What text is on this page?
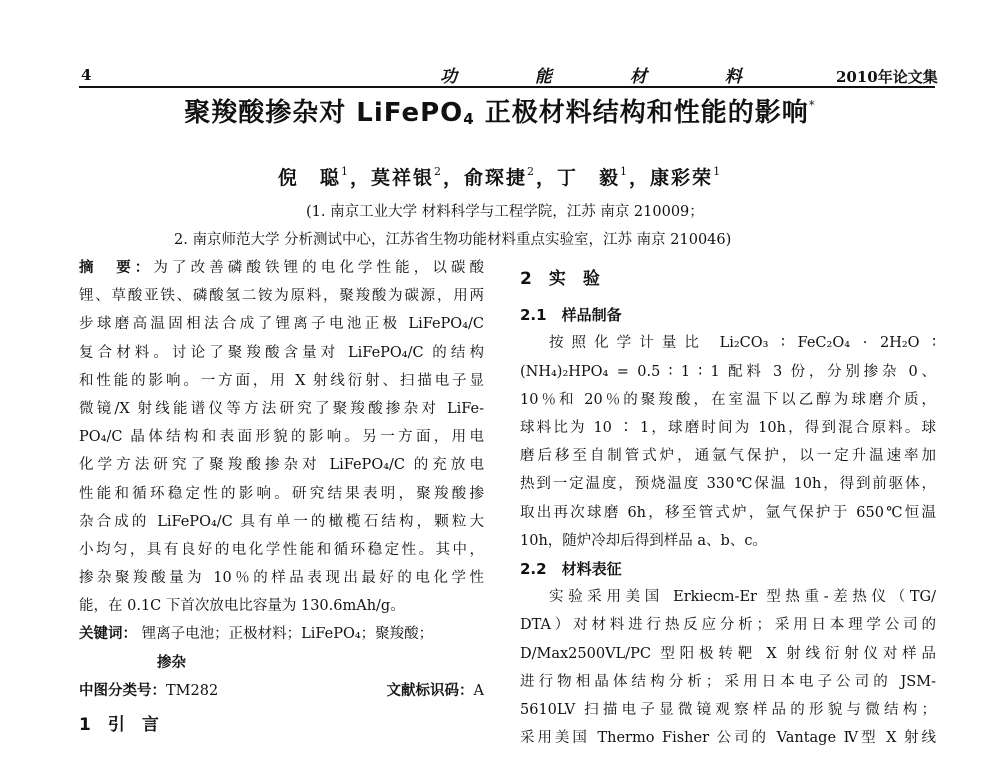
4	功 能 材 料	2010年论文集
聚羧酸掺杂对 LiFePO$_4$ 正极材料结构和性能的影响*
倪　聪$^1$，莫祥银$^2$，俞琛捷$^2$，丁　毅$^1$，康彩荣$^1$
(1. 南京工业大学 材料科学与工程学院，江苏 南京 210009；
2. 南京师范大学 分析测试中心，江苏省生物功能材料重点实验室，江苏 南京 210046)
摘　要：为了改善磷酸铁锂的电化学性能，以碳酸
锂、草酸亚铁、磷酸氢二铵为原料，聚羧酸为碳源，用两
步球磨高温固相法合成了锂离子电池正极 LiFePO₄/C
复合材料。讨论了聚羧酸含量对 LiFePO₄/C 的结构
和性能的影响。一方面，用 X 射线衍射、扫描电子显
微镜/X 射线能谱仪等方法研究了聚羧酸掺杂对 LiFe-
PO₄/C 晶体结构和表面形貌的影响。另一方面，用电
化学方法研究了聚羧酸掺杂对 LiFePO₄/C 的充放电
性能和循环稳定性的影响。研究结果表明，聚羧酸掺
杂合成的 LiFePO₄/C 具有单一的橄榄石结构，颗粒大
小均匀，具有良好的电化学性能和循环稳定性。其中，
掺杂聚羧酸量为 10％的样品表现出最好的电化学性
能，在 0.1C 下首次放电比容量为 130.6mAh/g。
关键词： 锂离子电池；正极材料；LiFePO₄；聚羧酸；
掺杂
中图分类号：TM282	文献标识码：A
1　引　言
2　实　验
2.1　样品制备
按照化学计量比 Li₂CO₃ ∶ FeC₂O₄ · 2H₂O ∶
(NH₄)₂HPO₄ = 0.5 ∶ 1 ∶ 1 配料 3 份，分别掺杂 0、
10％和 20％的聚羧酸，在室温下以乙醇为球磨介质，
球料比为 10 ∶ 1，球磨时间为 10h，得到混合原料。球
磨后移至自制管式炉，通氩气保护，以一定升温速率加
热到一定温度，预烧温度 330℃保温 10h，得到前驱体，
取出再次球磨 6h，移至管式炉，氩气保护于 650℃恒温
10h，随炉冷却后得到样品 a、b、c。
2.2　材料表征
实验采用美国 Erkiecm-Er 型热重-差热仪（TG/
DTA）对材料进行热反应分析；采用日本理学公司的
D/Max2500VL/PC 型阳极转靶 X 射线衍射仪对样品
进行物相晶体结构分析；采用日本电子公司的 JSM-
5610LV 扫描电子显微镜观察样品的形貌与微结构；
采用美国 Thermo Fisher 公司的 Vantage Ⅳ型 X 射线
